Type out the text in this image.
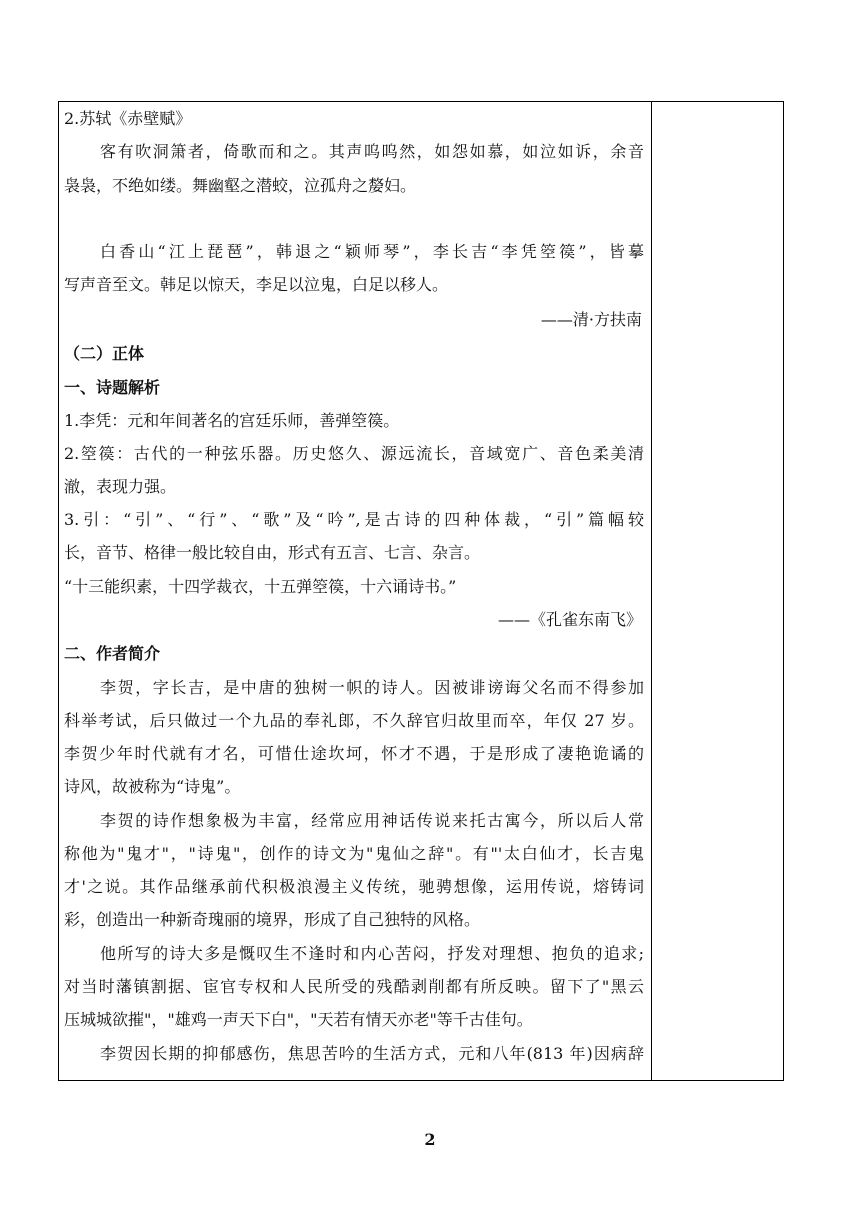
2.苏轼《赤壁赋》
客有吹洞箫者，倚歌而和之。其声呜呜然，如怨如慕，如泣如诉，余音
袅袅，不绝如缕。舞幽壑之潜蛟，泣孤舟之嫠妇。
白香山“江上琵琶”，韩退之“颖师琴”，李长吉“李凭箜篌”，皆摹
写声音至文。韩足以惊天，李足以泣鬼，白足以移人。
——清·方扶南
（二）正体
一、诗题解析
1.李凭：元和年间著名的宫廷乐师，善弹箜篌。
2.箜篌：古代的一种弦乐器。历史悠久、源远流长，音域宽广、音色柔美清
澈，表现力强。
3.引：“引”、“行”、“歌”及“吟”,是古诗的四种体裁，“引”篇幅较
长，音节、格律一般比较自由，形式有五言、七言、杂言。
“十三能织素，十四学裁衣，十五弹箜篌，十六诵诗书。”
——《孔雀东南飞》
二、作者简介
李贺，字长吉，是中唐的独树一帜的诗人。因被诽谤诲父名而不得参加
科举考试，后只做过一个九品的奉礼郎，不久辞官归故里而卒，年仅 27 岁。
李贺少年时代就有才名，可惜仕途坎坷，怀才不遇，于是形成了凄艳诡谲的
诗风，故被称为“诗鬼”。
李贺的诗作想象极为丰富，经常应用神话传说来托古寓今，所以后人常
称他为"鬼才"，"诗鬼"，创作的诗文为"鬼仙之辞"。有"'太白仙才，长吉鬼
才'之说。其作品继承前代积极浪漫主义传统，驰骋想像，运用传说，熔铸词
彩，创造出一种新奇瑰丽的境界，形成了自己独特的风格。
他所写的诗大多是慨叹生不逢时和内心苦闷，抒发对理想、抱负的追求;
对当时藩镇割据、宦官专权和人民所受的残酷剥削都有所反映。留下了"黑云
压城城欲摧"，"雄鸡一声天下白"，"天若有情天亦老"等千古佳句。
李贺因长期的抑郁感伤，焦思苦吟的生活方式，元和八年(813 年)因病辞
2
